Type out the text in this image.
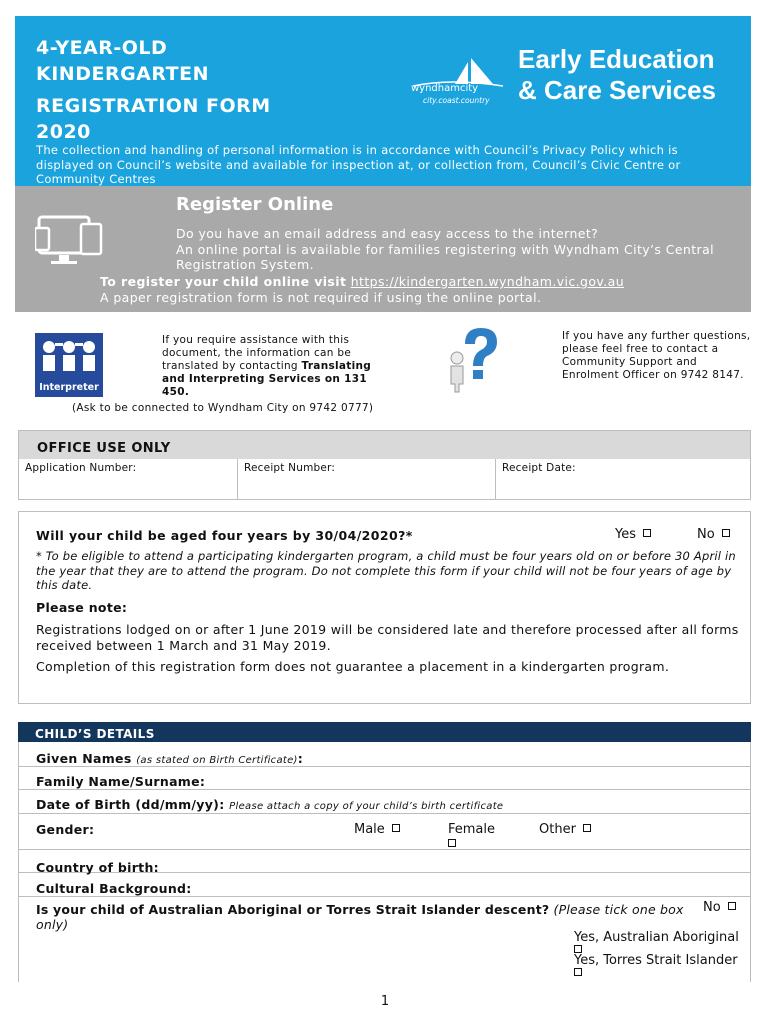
4-YEAR-OLD
KINDERGARTEN
REGISTRATION FORM
2020
wyndhamcity
city.coast.country
Early Education
& Care Services
The collection and handling of personal information is in accordance with Council’s Privacy Policy which is displayed on Council’s website and available for inspection at, or collection from, Council’s Civic Centre or Community Centres
Register Online
Do you have an email address and easy access to the internet?
An online portal is available for families registering with Wyndham City’s Central Registration System.
To register your child online visit https://kindergarten.wyndham.vic.gov.au
A paper registration form is not required if using the online portal.
Interpreter
If you require assistance with this document, the information can be translated by contacting Translating and Interpreting Services on 131 450.
(Ask to be connected to Wyndham City on 9742 0777)
If you have any further questions, please feel free to contact a Community Support and Enrolment Officer on 9742 8147.
OFFICE USE ONLY
Application Number:	Receipt Number:	Receipt Date:
Will your child be aged four years by 30/04/2020?*	Yes	No
* To be eligible to attend a participating kindergarten program, a child must be four years old on or before 30 April in the year that they are to attend the program. Do not complete this form if your child will not be four years of age by this date.
Please note:
Registrations lodged on or after 1 June 2019 will be considered late and therefore processed after all forms received between 1 March and 31 May 2019.
Completion of this registration form does not guarantee a placement in a kindergarten program.
CHILD’S DETAILS
Given Names (as stated on Birth Certificate):
Family Name/Surname:
Date of Birth (dd/mm/yy): Please attach a copy of your child’s birth certificate
Gender:	Male	Female	Other
Country of birth:
Cultural Background:
Is your child of Australian Aboriginal or Torres Strait Islander descent? (Please tick one box only)
No
Yes, Australian Aboriginal

Yes, Torres Strait Islander

1
